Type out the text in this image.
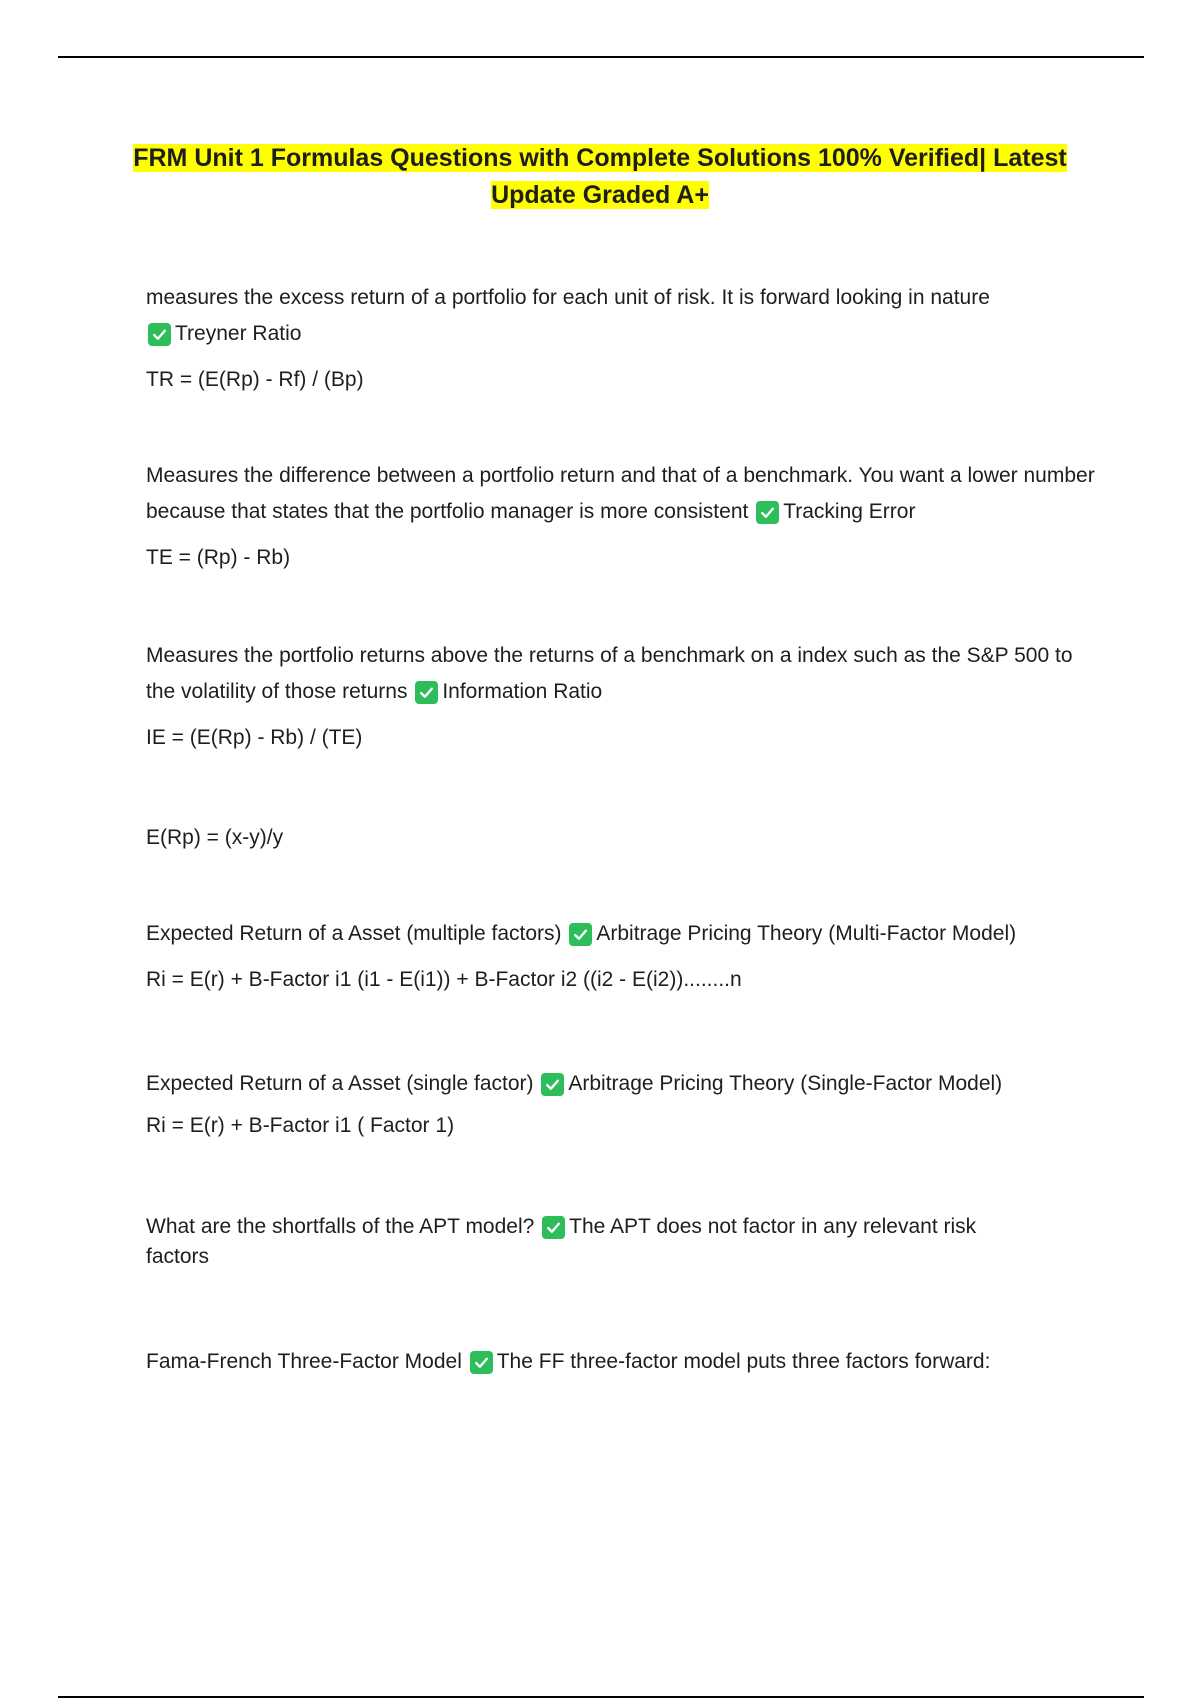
FRM Unit 1 Formulas Questions with Complete Solutions 100% Verified| Latest
Update Graded A+

measures the excess return of a portfolio for each unit of risk. It is forward looking in nature

Treyner Ratio

TR = (E(Rp) - Rf) / (Bp)

Measures the difference between a portfolio return and that of a benchmark. You want a lower number because that states that the portfolio manager is more consistent Tracking Error

TE = (Rp) - Rb)

Measures the portfolio returns above the returns of a benchmark on a index such as the S&P 500 to the volatility of those returns Information Ratio

IE = (E(Rp) - Rb) / (TE)

E(Rp) = (x-y)/y

Expected Return of a Asset (multiple factors) Arbitrage Pricing Theory (Multi-Factor Model)

Ri = E(r) + B-Factor i1 (i1 - E(i1)) + B-Factor i2 ((i2 - E(i2))........n

Expected Return of a Asset (single factor) Arbitrage Pricing Theory (Single-Factor Model)

Ri = E(r) + B-Factor i1 ( Factor 1)

What are the shortfalls of the APT model? The APT does not factor in any relevant risk factors

Fama-French Three-Factor Model The FF three-factor model puts three factors forward:
